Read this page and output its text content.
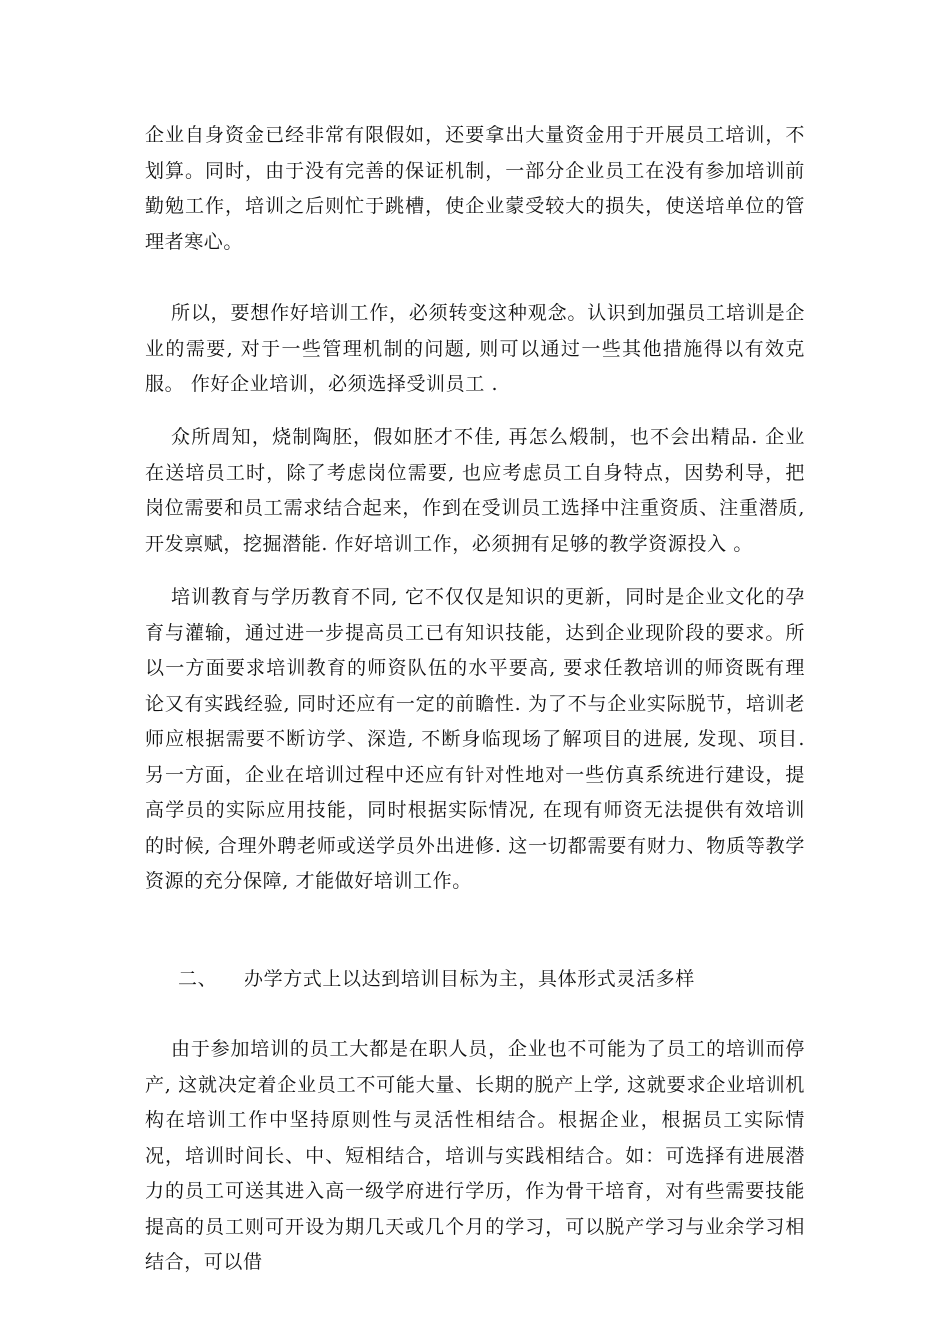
企业自身资金已经非常有限假如，还要拿出大量资金用于开展员工培训，不划算。同时，由于没有完善的保证机制，一部分企业员工在没有参加培训前勤勉工作，培训之后则忙于跳槽，使企业蒙受较大的损失，使送培单位的管理者寒心。

所以，要想作好培训工作，必须转变这种观念。认识到加强员工培训是企业的需要, 对于一些管理机制的问题, 则可以通过一些其他措施得以有效克服。 作好企业培训，必须选择受训员工 .

众所周知，烧制陶胚，假如胚才不佳, 再怎么煅制，也不会出精品. 企业在送培员工时，除了考虑岗位需要, 也应考虑员工自身特点，因势利导，把岗位需要和员工需求结合起来，作到在受训员工选择中注重资质、注重潜质, 开发禀赋，挖掘潜能. 作好培训工作，必须拥有足够的教学资源投入 。

培训教育与学历教育不同, 它不仅仅是知识的更新，同时是企业文化的孕育与灌输，通过进一步提高员工已有知识技能，达到企业现阶段的要求。所以一方面要求培训教育的师资队伍的水平要高, 要求任教培训的师资既有理论又有实践经验, 同时还应有一定的前瞻性. 为了不与企业实际脱节，培训老师应根据需要不断访学、深造, 不断身临现场了解项目的进展, 发现、项目. 另一方面，企业在培训过程中还应有针对性地对一些仿真系统进行建设，提高学员的实际应用技能，同时根据实际情况, 在现有师资无法提供有效培训的时候, 合理外聘老师或送学员外出进修. 这一切都需要有财力、物质等教学资源的充分保障, 才能做好培训工作。

二、 办学方式上以达到培训目标为主，具体形式灵活多样

由于参加培训的员工大都是在职人员，企业也不可能为了员工的培训而停产, 这就决定着企业员工不可能大量、长期的脱产上学, 这就要求企业培训机构在培训工作中坚持原则性与灵活性相结合。根据企业，根据员工实际情况，培训时间长、中、短相结合，培训与实践相结合。如：可选择有进展潜力的员工可送其进入高一级学府进行学历，作为骨干培育，对有些需要技能提高的员工则可开设为期几天或几个月的学习，可以脱产学习与业余学习相结合，可以借
